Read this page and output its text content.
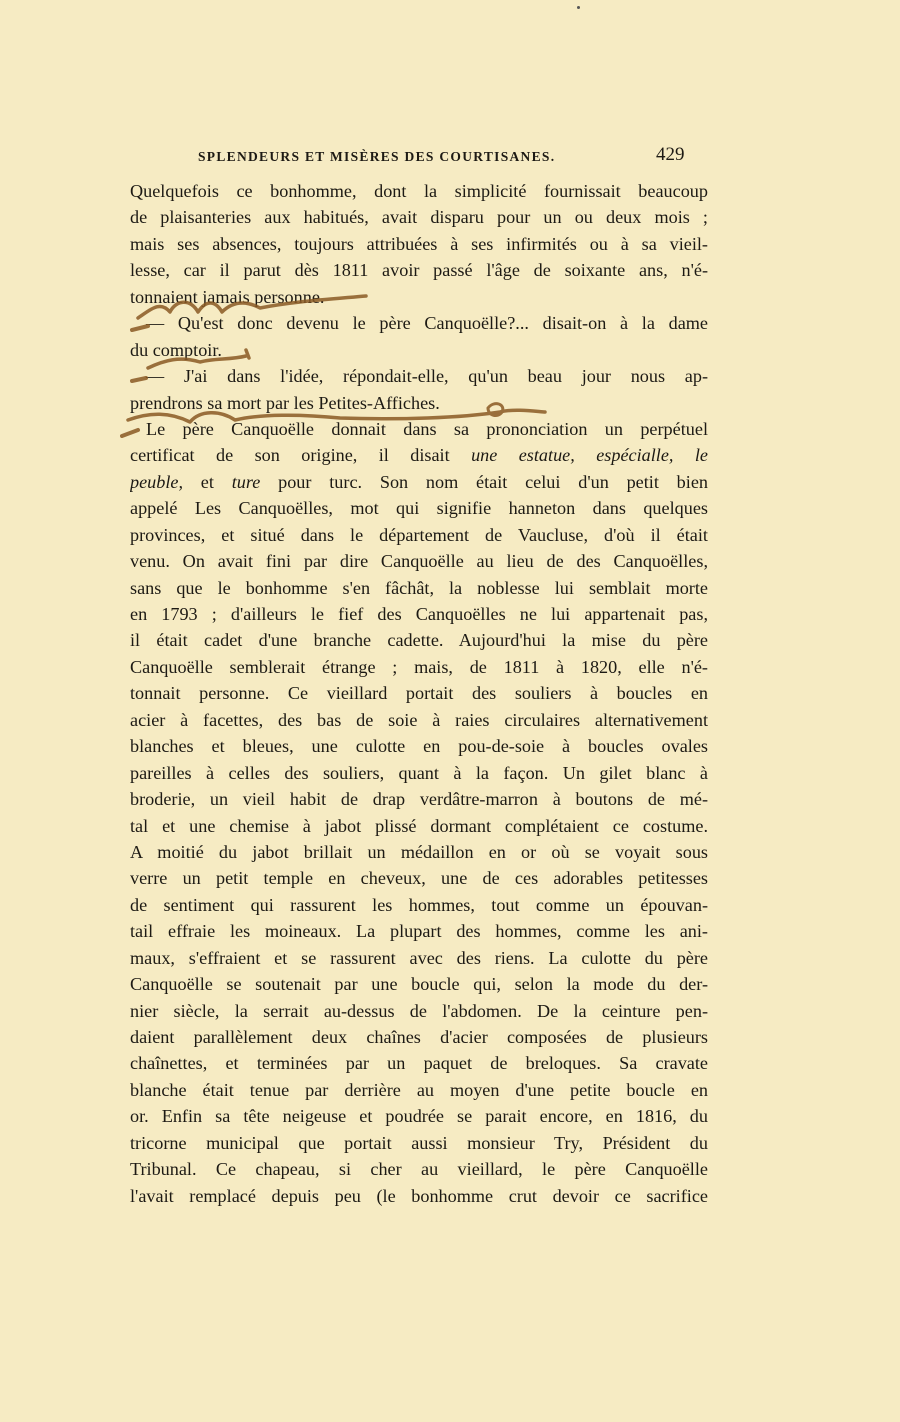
SPLENDEURS ET MISÈRES DES COURTISANES.	429
Quelquefois ce bonhomme, dont la simplicité fournissait beaucoup
de plaisanteries aux habitués, avait disparu pour un ou deux mois ;
mais ses absences, toujours attribuées à ses infirmités ou à sa vieil-
lesse, car il parut dès 1811 avoir passé l'âge de soixante ans, n'é-
tonnaient jamais personne.
— Qu'est donc devenu le père Canquoëlle?... disait-on à la dame
du comptoir.
— J'ai dans l'idée, répondait-elle, qu'un beau jour nous ap-
prendrons sa mort par les Petites-Affiches.
Le père Canquoëlle donnait dans sa prononciation un perpétuel
certificat de son origine, il disait une estatue, espécialle, le
peuble, et ture pour turc. Son nom était celui d'un petit bien
appelé Les Canquoëlles, mot qui signifie hanneton dans quelques
provinces, et situé dans le département de Vaucluse, d'où il était
venu. On avait fini par dire Canquoëlle au lieu de des Canquoëlles,
sans que le bonhomme s'en fâchât, la noblesse lui semblait morte
en 1793 ; d'ailleurs le fief des Canquoëlles ne lui appartenait pas,
il était cadet d'une branche cadette. Aujourd'hui la mise du père
Canquoëlle semblerait étrange ; mais, de 1811 à 1820, elle n'é-
tonnait personne. Ce vieillard portait des souliers à boucles en
acier à facettes, des bas de soie à raies circulaires alternativement
blanches et bleues, une culotte en pou-de-soie à boucles ovales
pareilles à celles des souliers, quant à la façon. Un gilet blanc à
broderie, un vieil habit de drap verdâtre-marron à boutons de mé-
tal et une chemise à jabot plissé dormant complétaient ce costume.
A moitié du jabot brillait un médaillon en or où se voyait sous
verre un petit temple en cheveux, une de ces adorables petitesses
de sentiment qui rassurent les hommes, tout comme un épouvan-
tail effraie les moineaux. La plupart des hommes, comme les ani-
maux, s'effraient et se rassurent avec des riens. La culotte du père
Canquoëlle se soutenait par une boucle qui, selon la mode du der-
nier siècle, la serrait au-dessus de l'abdomen. De la ceinture pen-
daient parallèlement deux chaînes d'acier composées de plusieurs
chaînettes, et terminées par un paquet de breloques. Sa cravate
blanche était tenue par derrière au moyen d'une petite boucle en
or. Enfin sa tête neigeuse et poudrée se parait encore, en 1816, du
tricorne municipal que portait aussi monsieur Try, Président du
Tribunal. Ce chapeau, si cher au vieillard, le père Canquoëlle
l'avait remplacé depuis peu (le bonhomme crut devoir ce sacrifice
